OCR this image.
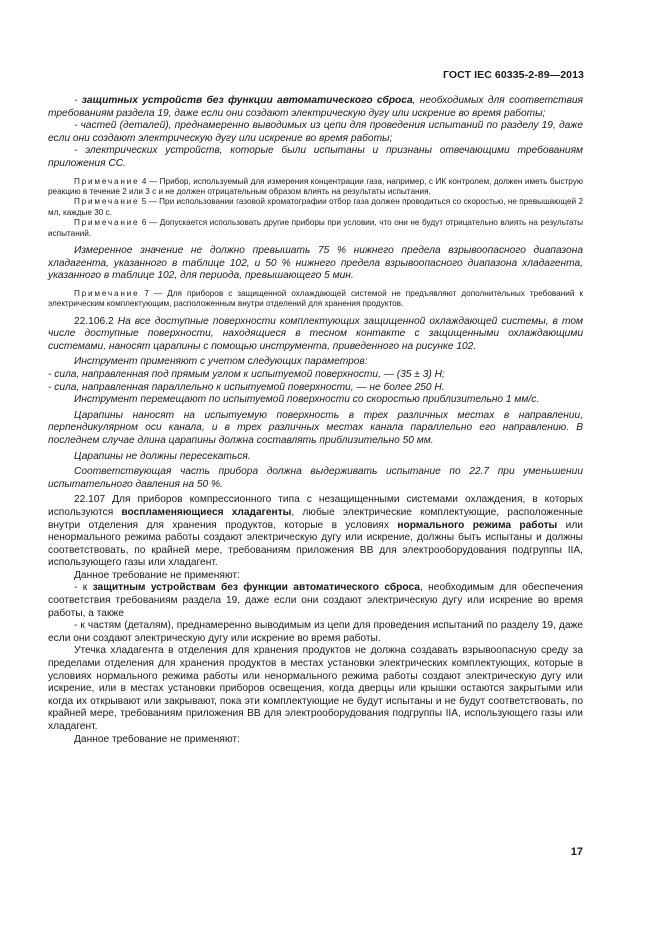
ГОСТ IEC 60335-2-89—2013

- защитных устройств без функции автоматического сброса, необходимых для соответствия требованиям раздела 19, даже если они создают электрическую дугу или искрение во время работы;

- частей (деталей), преднамеренно выводимых из цепи для проведения испытаний по разделу 19, даже если они создают электрическую дугу или искрение во время работы;

- электрических устройств, которые были испытаны и признаны отвечающими требованиям приложения СС.

Примечание 4 — Прибор, используемый для измерения концентрации газа, например, с ИК контролем, должен иметь быструю реакцию в течение 2 или 3 с и не должен отрицательным образом влиять на результаты испытания.

Примечание 5 — При использовании газовой хроматографии отбор газа должен проводиться со скоростью, не превышающей 2 мл, каждые 30 с.

Примечание 6 — Допускается использовать другие приборы при условии, что они не будут отрицательно влиять на результаты испытаний.

Измеренное значение не должно превышать 75 % нижнего предела взрывоопасного диапазона хладагента, указанного в таблице 102, и 50 % нижнего предела взрывоопасного диапазона хладагента, указанного в таблице 102, для периода, превышающего 5 мин.

Примечание 7 — Для приборов с защищенной охлаждающей системой не предъявляют дополнительных требований к электрическим комплектующим, расположенным внутри отделений для хранения продуктов.

22.106.2 На все доступные поверхности комплектующих защищенной охлаждающей системы, в том числе доступные поверхности, находящиеся в тесном контакте с защищенными охлаждающими системами, наносят царапины с помощью инструмента, приведенного на рисунке 102.

Инструмент применяют с учетом следующих параметров:

- сила, направленная под прямым углом к испытуемой поверхности, — (35 ± 3) Н;

- сила, направленная параллельно к испытуемой поверхности, — не более 250 Н.

Инструмент перемещают по испытуемой поверхности со скоростью приблизительно 1 мм/с.

Царапины наносят на испытуемую поверхность в трех различных местах в направлении, перпендикулярном оси канала, и в трех различных местах канала параллельно его направлению. В последнем случае длина царапины должна составлять приблизительно 50 мм.

Царапины не должны пересекаться.

Соответствующая часть прибора должна выдерживать испытание по 22.7 при уменьшении испытательного давления на 50 %.

22.107 Для приборов компрессионного типа с незащищенными системами охлаждения, в которых используются воспламеняющиеся хладагенты, любые электрические комплектующие, расположенные внутри отделения для хранения продуктов, которые в условиях нормального режима работы или ненормального режима работы создают электрическую дугу или искрение, должны быть испытаны и должны соответствовать, по крайней мере, требованиям приложения ВВ для электрооборудования подгруппы IIА, использующего газы или хладагент.

Данное требование не применяют:

- к защитным устройствам без функции автоматического сброса, необходимым для обеспечения соответствия требованиям раздела 19, даже если они создают электрическую дугу или искрение во время работы, а также

- к частям (деталям), преднамеренно выводимым из цепи для проведения испытаний по разделу 19, даже если они создают электрическую дугу или искрение во время работы.

Утечка хладагента в отделения для хранения продуктов не должна создавать взрывоопасную среду за пределами отделения для хранения продуктов в местах установки электрических комплектующих, которые в условиях нормального режима работы или ненормального режима работы создают электрическую дугу или искрение, или в местах установки приборов освещения, когда дверцы или крышки остаются закрытыми или когда их открывают или закрывают, пока эти комплектующие не будут испытаны и не будут соответствовать, по крайней мере, требованиям приложения ВВ для электрооборудования подгруппы IIА, использующего газы или хладагент.

Данное требование не применяют:

17
